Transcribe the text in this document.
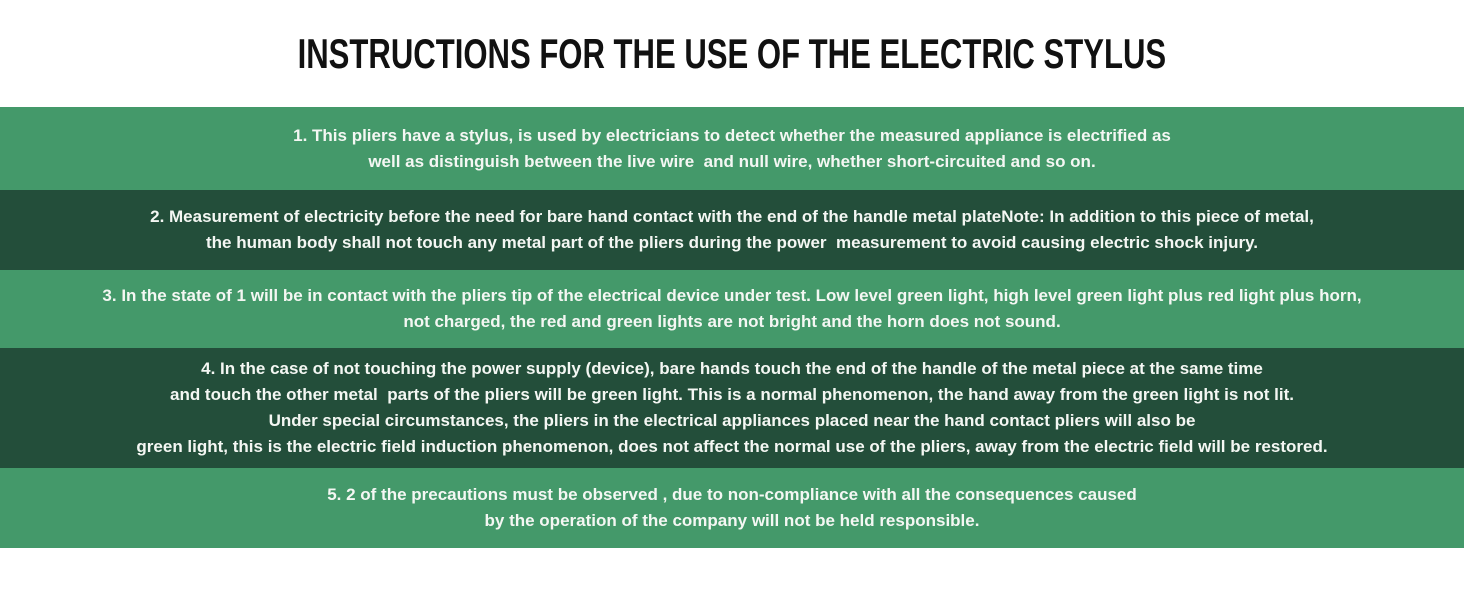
INSTRUCTIONS FOR THE USE OF THE ELECTRIC STYLUS
1. This pliers have a stylus, is used by electricians to detect whether the measured appliance is electrified as
well as distinguish between the live wire  and null wire, whether short-circuited and so on.
2. Measurement of electricity before the need for bare hand contact with the end of the handle metal plateNote: In addition to this piece of metal,
the human body shall not touch any metal part of the pliers during the power  measurement to avoid causing electric shock injury.
3. In the state of 1 will be in contact with the pliers tip of the electrical device under test. Low level green light, high level green light plus red light plus horn,
not charged, the red and green lights are not bright and the horn does not sound.
4. In the case of not touching the power supply (device), bare hands touch the end of the handle of the metal piece at the same time
and touch the other metal  parts of the pliers will be green light. This is a normal phenomenon, the hand away from the green light is not lit.
Under special circumstances, the pliers in the electrical appliances placed near the hand contact pliers will also be
green light, this is the electric field induction phenomenon, does not affect the normal use of the pliers, away from the electric field will be restored.
5. 2 of the precautions must be observed , due to non-compliance with all the consequences caused
by the operation of the company will not be held responsible.
